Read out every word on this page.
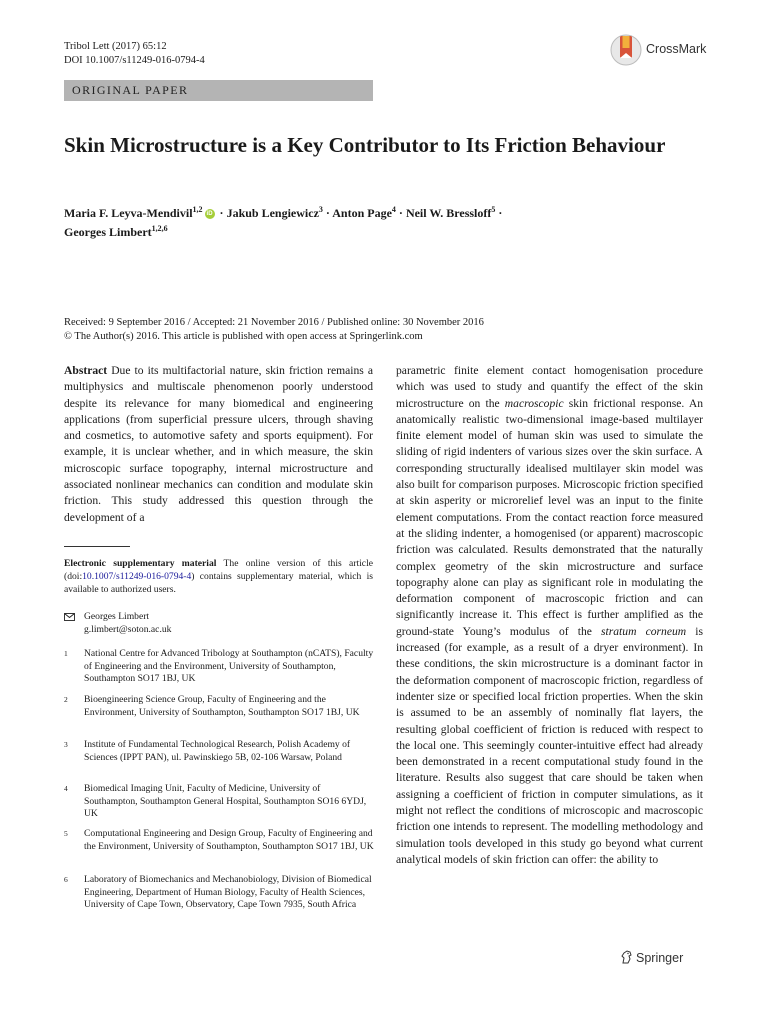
Tribol Lett (2017) 65:12
DOI 10.1007/s11249-016-0794-4
CrossMark
ORIGINAL PAPER
Skin Microstructure is a Key Contributor to Its Friction Behaviour
Maria F. Leyva-Mendivil$^{1,2}$iD · Jakub Lengiewicz$^3$ · Anton Page$^4$ · Neil W. Bressloff$^5$ ·
Georges Limbert$^{1,2,6}$
Received: 9 September 2016 / Accepted: 21 November 2016 / Published online: 30 November 2016
© The Author(s) 2016. This article is published with open access at Springerlink.com
Abstract Due to its multifactorial nature, skin friction remains a multiphysics and multiscale phenomenon poorly understood despite its relevance for many biomedical and engineering applications (from superficial pressure ulcers, through shaving and cosmetics, to automotive safety and sports equipment). For example, it is unclear whether, and in which measure, the skin microscopic surface topography, internal microstructure and associated nonlinear mechanics can condition and modulate skin friction. This study addressed this question through the development of a
parametric finite element contact homogenisation procedure which was used to study and quantify the effect of the skin microstructure on the macroscopic skin frictional response. An anatomically realistic two-dimensional image-based multilayer finite element model of human skin was used to simulate the sliding of rigid indenters of various sizes over the skin surface. A corresponding structurally idealised multilayer skin model was also built for comparison purposes. Microscopic friction specified at skin asperity or microrelief level was an input to the finite element computations. From the contact reaction force measured at the sliding indenter, a homogenised (or apparent) macroscopic friction was calculated. Results demonstrated that the naturally complex geometry of the skin microstructure and surface topography alone can play as significant role in modulating the deformation component of macroscopic friction and can significantly increase it. This effect is further amplified as the ground-state Young’s modulus of the stratum corneum is increased (for example, as a result of a dryer environment). In these conditions, the skin microstructure is a dominant factor in the deformation component of macroscopic friction, regardless of indenter size or specified local friction properties. When the skin is assumed to be an assembly of nominally flat layers, the resulting global coefficient of friction is reduced with respect to the local one. This seemingly counter-intuitive effect had already been demonstrated in a recent computational study found in the literature. Results also suggest that care should be taken when assigning a coefficient of friction in computer simulations, as it might not reflect the conditions of microscopic and macroscopic friction one intends to represent. The modelling methodology and simulation tools developed in this study go beyond what current analytical models of skin friction can offer: the ability to
Electronic supplementary material The online version of this article (doi:10.1007/s11249-016-0794-4) contains supplementary material, which is available to authorized users.
Georges Limbert
g.limbert@soton.ac.uk
1 National Centre for Advanced Tribology at Southampton (nCATS), Faculty of Engineering and the Environment, University of Southampton, Southampton SO17 1BJ, UK
2 Bioengineering Science Group, Faculty of Engineering and the Environment, University of Southampton, Southampton SO17 1BJ, UK
3 Institute of Fundamental Technological Research, Polish Academy of Sciences (IPPT PAN), ul. Pawinskiego 5B, 02-106 Warsaw, Poland
4 Biomedical Imaging Unit, Faculty of Medicine, University of Southampton, Southampton General Hospital, Southampton SO16 6YDJ, UK
5 Computational Engineering and Design Group, Faculty of Engineering and the Environment, University of Southampton, Southampton SO17 1BJ, UK
6 Laboratory of Biomechanics and Mechanobiology, Division of Biomedical Engineering, Department of Human Biology, Faculty of Health Sciences, University of Cape Town, Observatory, Cape Town 7935, South Africa
Springer
